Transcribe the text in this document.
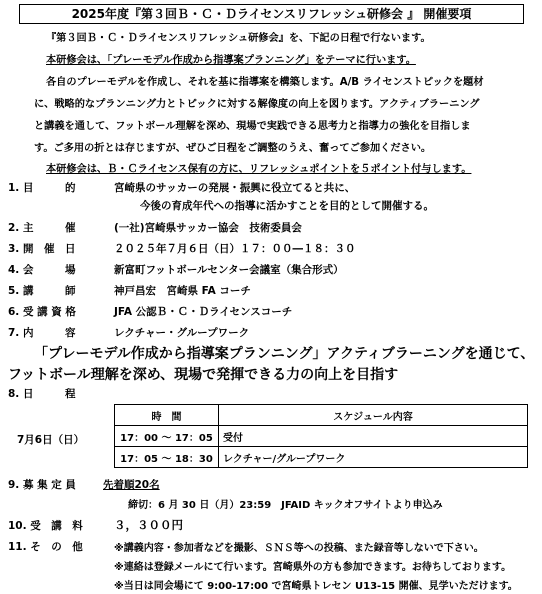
2025年度『第３回Ｂ・Ｃ・Ｄライセンスリフレッシュ研修会 』 開催要項
『第３回Ｂ・Ｃ・Ｄライセンスリフレッシュ研修会』を、下記の日程で行ないます。
本研修会は、「プレーモデル作成から指導案プランニング」をテーマに行います。
各自のプレーモデルを作成し、それを基に指導案を構築します。A/B ライセンストピックを題材
に、戦略的なプランニング力とトピックに対する解像度の向上を図ります。アクティブラーニング
と講義を通して、フットボール理解を深め、現場で実践できる思考力と指導力の強化を目指しま
す。ご多用の折とは存じますが、ぜひご日程をご調整のうえ、奮ってご参加ください。
本研修会は、Ｂ・Ｃライセンス保有の方に、リフレッシュポイントを５ポイント付与します。
1. 目　　　的	宮崎県のサッカーの発展・振興に役立てると共に、
今後の育成年代への指導に活かすことを目的として開催する。
2. 主　　　催	(一社)宮崎県サッカー協会　技術委員会
3. 開　催　日	２０２５年７月６日（日）１７：００―１８：３０
4. 会　　　場	新富町フットボールセンター会議室（集合形式）
5. 講　　　師	神戸昌宏　宮崎県 FA コーチ
6. 受 講 資 格	JFA 公認Ｂ・Ｃ・Ｄライセンスコーチ
7. 内　　　容	レクチャー・グループワーク
「プレーモデル作成から指導案プランニング」アクティブラーニングを通じて、
フットボール理解を深め、現場で発揮できる力の向上を目指す
8. 日　　　程
7月6日（日）
時　間	スケジュール内容
17：00 ～ 17：05	受付
17：05 ～ 18：30	レクチャー/グループワーク
9. 募 集 定 員	先着順20名
締切：6 月 30 日（月）23:59　JFAID キックオフサイトより申込み
10. 受　講　料	３，３００円
11. そ　の　他	※講義内容・参加者などを撮影、ＳＮＳ等への投稿、また録音等しないで下さい。
※連絡は登録メールにて行います。宮崎県外の方も参加できます。お待ちしております。
※当日は同会場にて 9:00-17:00 で宮崎県トレセン U13-15 開催、見学いただけます。
